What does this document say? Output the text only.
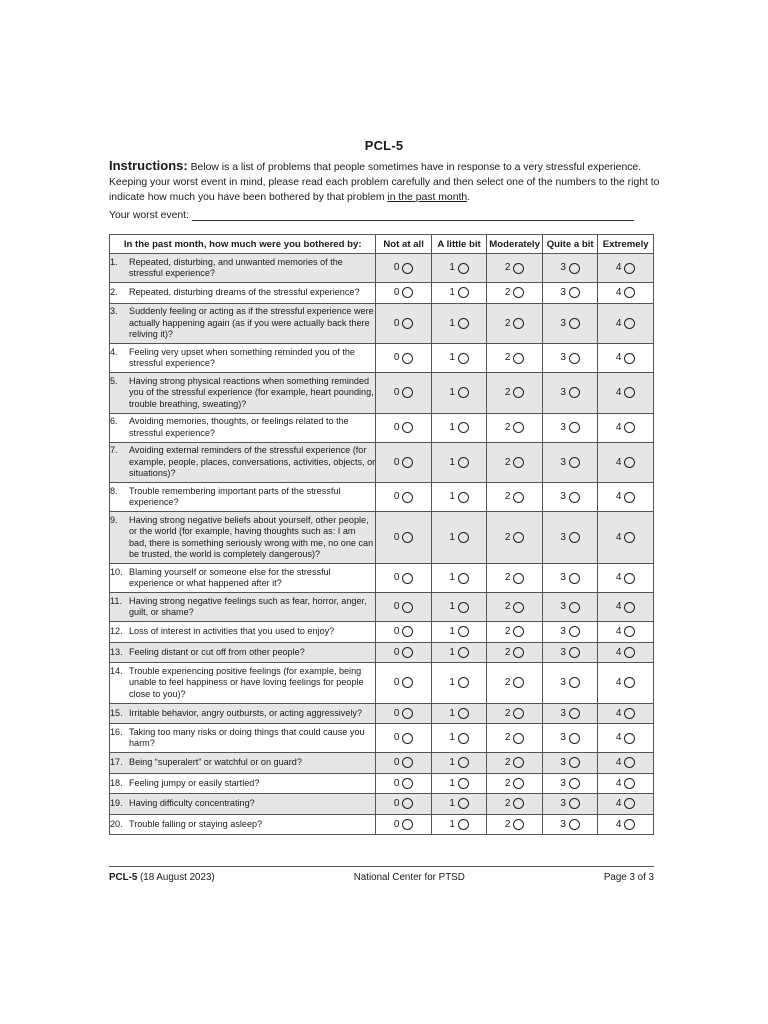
PCL-5
Instructions: Below is a list of problems that people sometimes have in response to a very stressful experience. Keeping your worst event in mind, please read each problem carefully and then select one of the numbers to the right to indicate how much you have been bothered by that problem in the past month.
Your worst event:
In the past month, how much were you bothered by:	Not at all	A little bit	Moderately	Quite a bit	Extremely

1. Repeated, disturbing, and unwanted memories of the stressful experience?	0	1	2	3	4

2. Repeated, disturbing dreams of the stressful experience?	0	1	2	3	4

3. Suddenly feeling or acting as if the stressful experience were actually happening again (as if you were actually back there reliving it)?	0	1	2	3	4

4. Feeling very upset when something reminded you of the stressful experience?	0	1	2	3	4

5. Having strong physical reactions when something reminded you of the stressful experience (for example, heart pounding, trouble breathing, sweating)?	0	1	2	3	4

6. Avoiding memories, thoughts, or feelings related to the stressful experience?	0	1	2	3	4

7. Avoiding external reminders of the stressful experience (for example, people, places, conversations, activities, objects, or situations)?	0	1	2	3	4

8. Trouble remembering important parts of the stressful experience?	0	1	2	3	4

9. Having strong negative beliefs about yourself, other people, or the world (for example, having thoughts such as: I am bad, there is something seriously wrong with me, no one can be trusted, the world is completely dangerous)?	0	1	2	3	4

10. Blaming yourself or someone else for the stressful experience or what happened after it?	0	1	2	3	4

11. Having strong negative feelings such as fear, horror, anger, guilt, or shame?	0	1	2	3	4

12. Loss of interest in activities that you used to enjoy?	0	1	2	3	4

13. Feeling distant or cut off from other people?	0	1	2	3	4

14. Trouble experiencing positive feelings (for example, being unable to feel happiness or have loving feelings for people close to you)?	0	1	2	3	4

15. Irritable behavior, angry outbursts, or acting aggressively?	0	1	2	3	4

16. Taking too many risks or doing things that could cause you harm?	0	1	2	3	4

17. Being “superalert” or watchful or on guard?	0	1	2	3	4

18. Feeling jumpy or easily startled?	0	1	2	3	4

19. Having difficulty concentrating?	0	1	2	3	4

20. Trouble falling or staying asleep?	0	1	2	3	4
PCL-5 (18 August 2023)	National Center for PTSD	Page 3 of 3
